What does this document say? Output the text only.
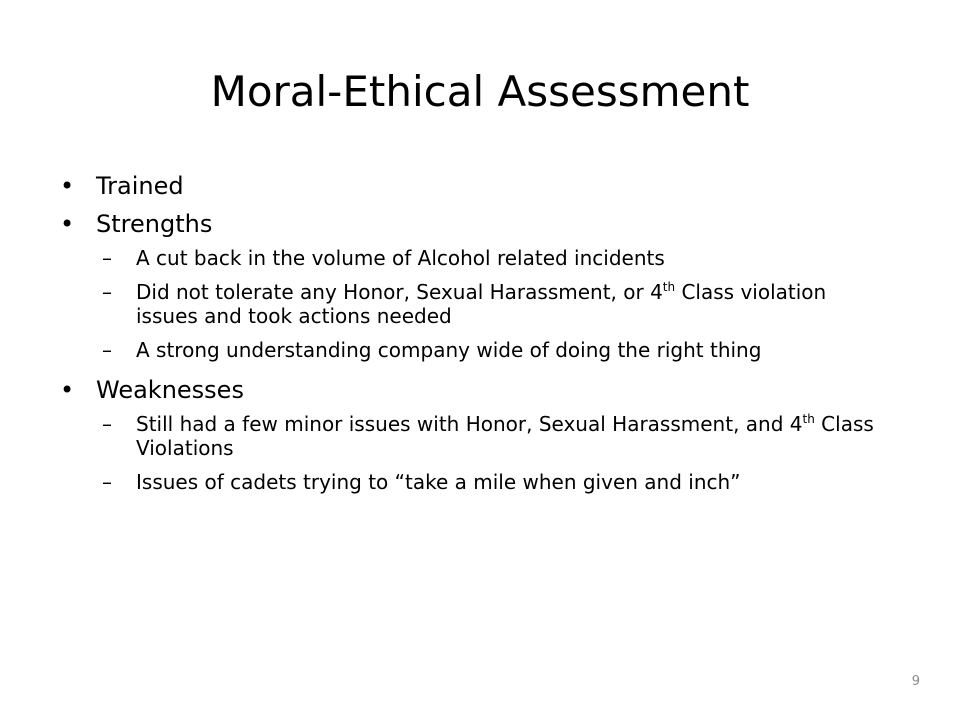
Moral-Ethical Assessment
• Trained
• Strengths
– A cut back in the volume of Alcohol related incidents
– Did not tolerate any Honor, Sexual Harassment, or 4th Class violation issues and took actions needed
– A strong understanding company wide of doing the right thing
• Weaknesses
– Still had a few minor issues with Honor, Sexual Harassment, and 4th Class Violations
– Issues of cadets trying to “take a mile when given and inch”
9
